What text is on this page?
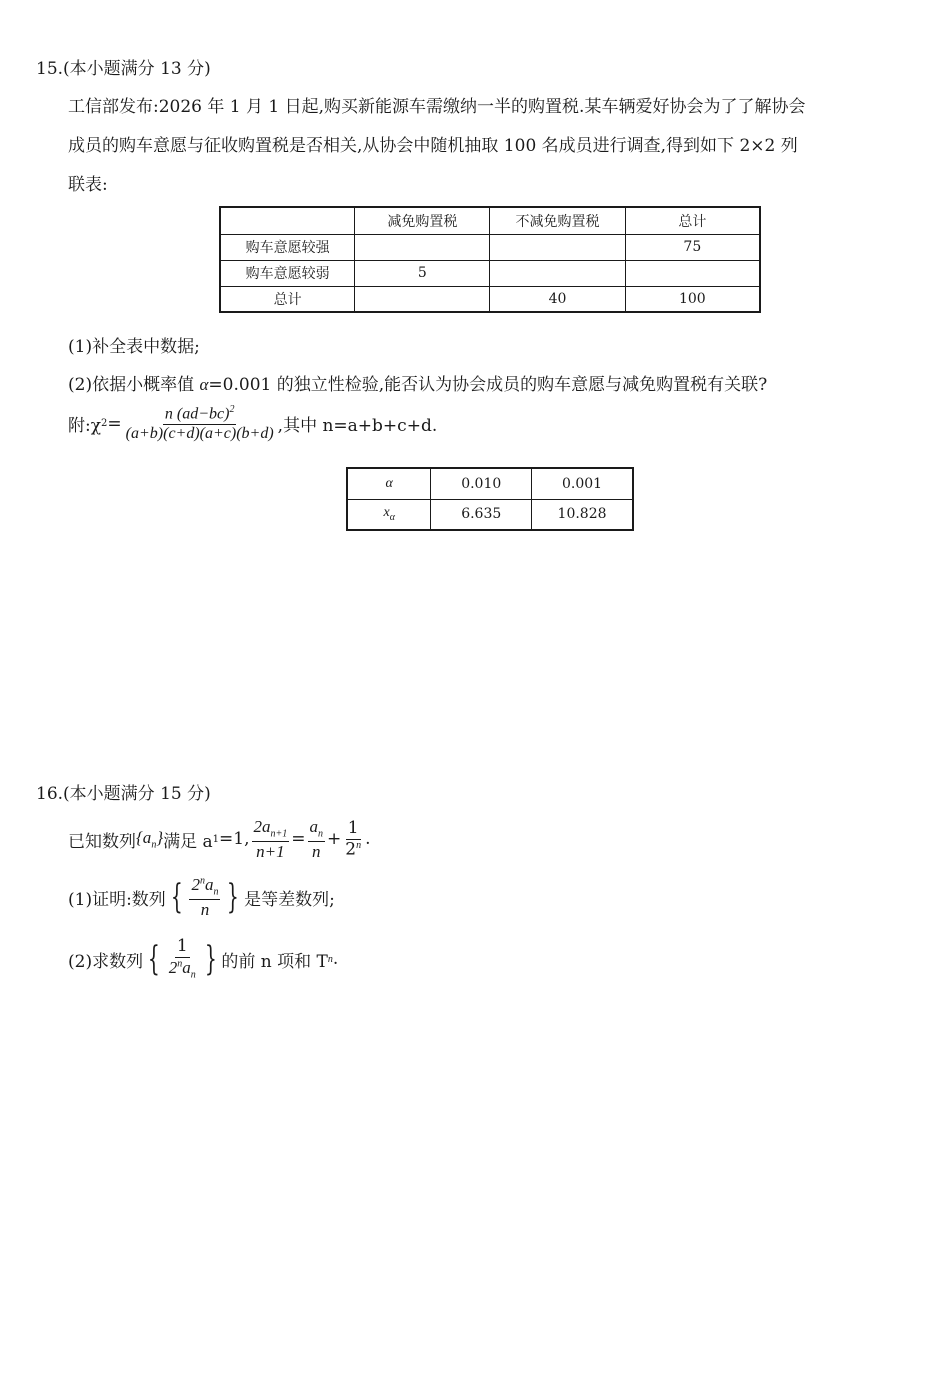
15.(本小题满分 13 分)
工信部发布:2026 年 1 月 1 日起,购买新能源车需缴纳一半的购置税.某车辆爱好协会为了了解协会
成员的购车意愿与征收购置税是否相关,从协会中随机抽取 100 名成员进行调查,得到如下 2×2 列
联表:
	减免购置税	不减免购置税	总计
购车意愿较强			75
购车意愿较弱	5		
总计		40	100
(1)补全表中数据;
(2)依据小概率值 α=0.001 的独立性检验,能否认为协会成员的购车意愿与减免购置税有关联?
附:χ $2 = \frac{n (ad-bc)^2}{(a+b)(c+d)(a+c)(b+d)}$ ,其中 n=a+b+c+d.
α	0.010	0.001
$x_\alpha$	6.635	10.828
16.(本小题满分 15 分)
已知数列 $\{a_n\}$ 满足 a 1 =1, $\frac{2a_{n+1}}{n+1} = \frac{a_n}{n} + \frac{1}{2^n}$ .
(1)证明:数列 { $\frac{2^na_n}{n}$ } 是等差数列;
(2)求数列 { $\frac{1}{2^na_n}$ } 的前 n 项和 T n .
